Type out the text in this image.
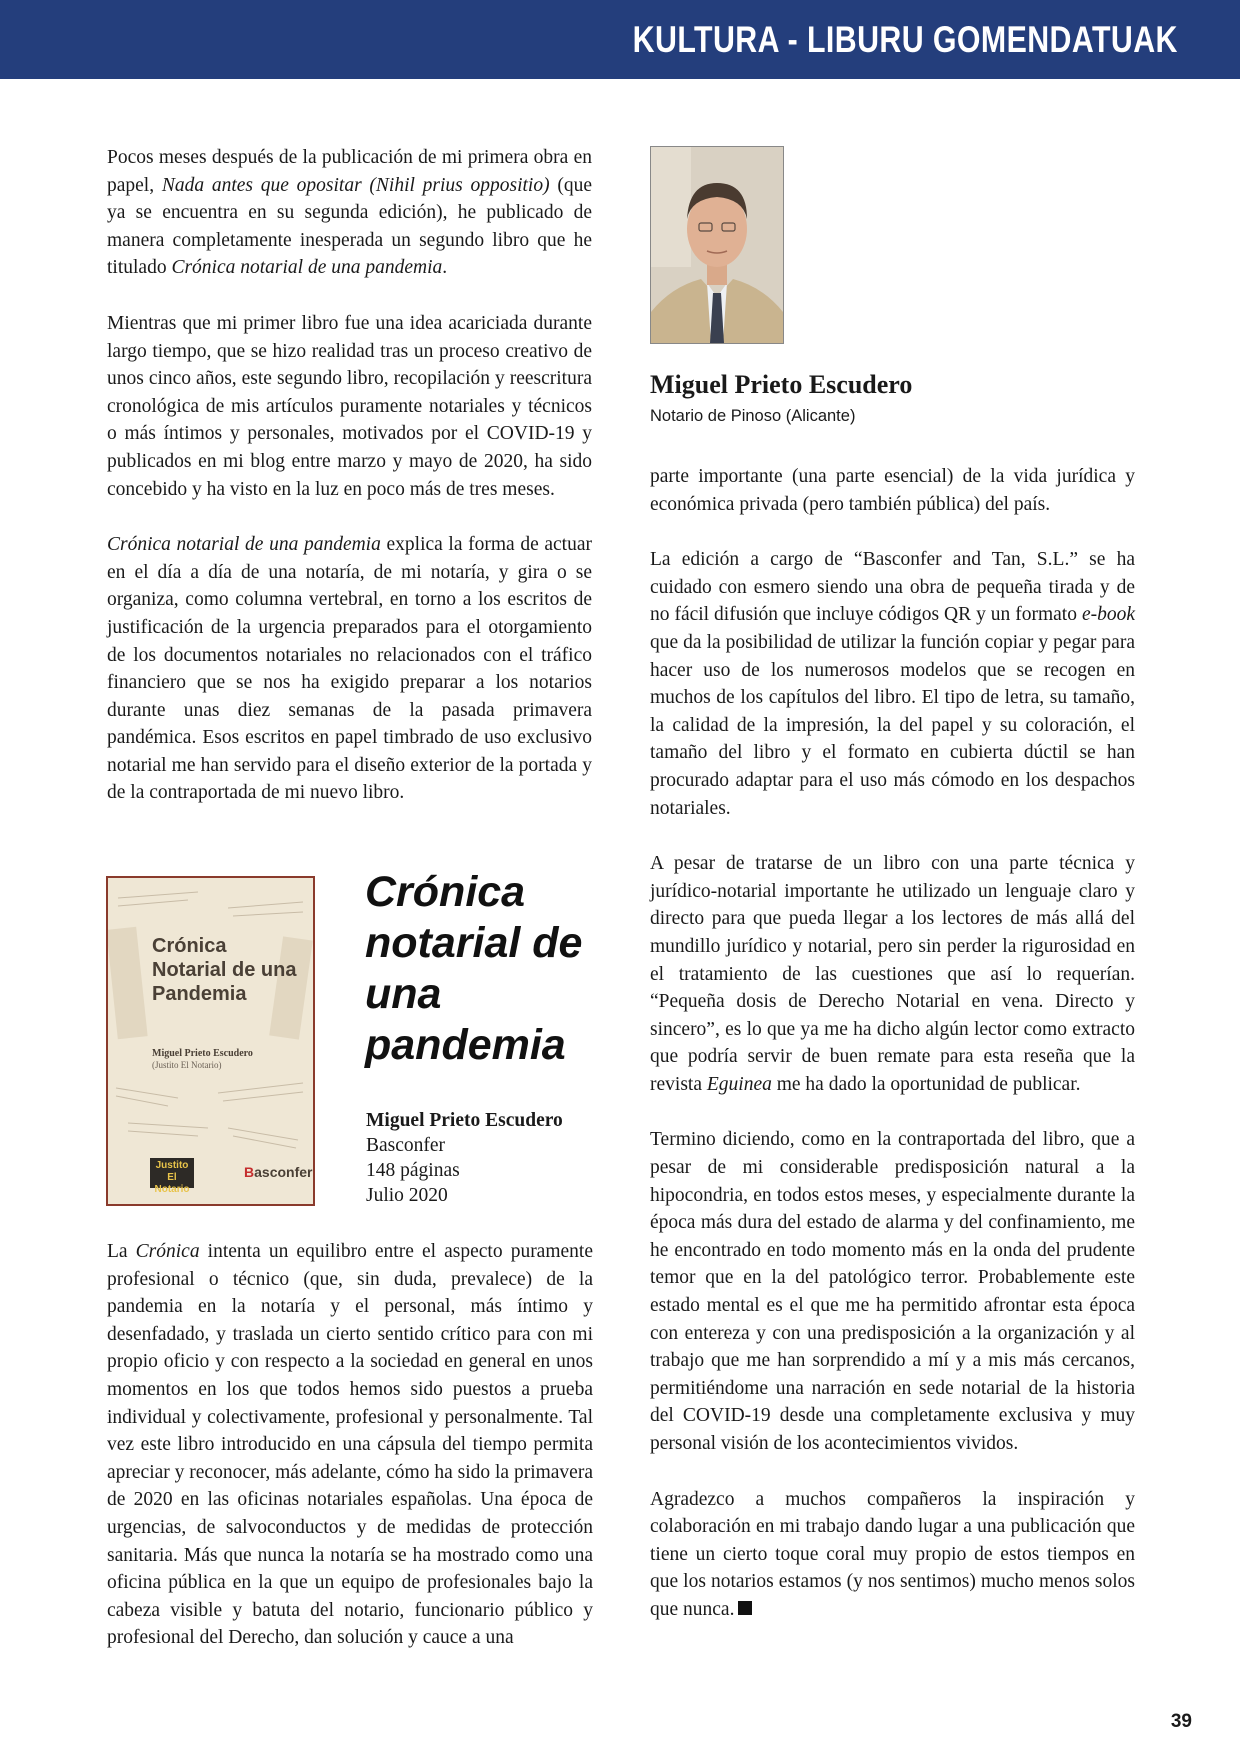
KULTURA - LIBURU GOMENDATUAK

Pocos meses después de la publicación de mi primera obra en papel, Nada antes que opositar (Nihil prius oppositio) (que ya se encuentra en su segunda edición), he publicado de manera completamente inesperada un segundo libro que he titulado Crónica notarial de una pandemia.

Mientras que mi primer libro fue una idea acariciada durante largo tiempo, que se hizo realidad tras un proceso creativo de unos cinco años, este segundo libro, recopilación y reescritura cronológica de mis artículos puramente notariales y técnicos o más íntimos y personales, motivados por el COVID-19 y publicados en mi blog entre marzo y mayo de 2020, ha sido concebido y ha visto en la luz en poco más de tres meses.

Crónica notarial de una pandemia explica la forma de actuar en el día a día de una notaría, de mi notaría, y gira o se organiza, como columna vertebral, en torno a los escritos de justificación de la urgencia preparados para el otorgamiento de los documentos notariales no relacionados con el tráfico financiero que se nos ha exigido preparar a los notarios durante unas diez semanas de la pasada primavera pandémica. Esos escritos en papel timbrado de uso exclusivo notarial me han servido para el diseño exterior de la portada y de la contraportada de mi nuevo libro.

Miguel Prieto Escudero
Notario de Pinoso (Alicante)
Crónica Notarial de una Pandemia
Miguel Prieto Escudero
(Justito El Notario)
Justito El Notario
Basconfer
Crónica notarial de una pandemia
Miguel Prieto Escudero
Basconfer
148 páginas
Julio 2020

La Crónica intenta un equilibro entre el aspecto puramente profesional o técnico (que, sin duda, prevalece) de la pandemia en la notaría y el personal, más íntimo y desenfadado, y traslada un cierto sentido crítico para con mi propio oficio y con respecto a la sociedad en general en unos momentos en los que todos hemos sido puestos a prueba individual y colectivamente, profesional y personalmente. Tal vez este libro introducido en una cápsula del tiempo permita apreciar y reconocer, más adelante, cómo ha sido la primavera de 2020 en las oficinas notariales españolas. Una época de urgencias, de salvoconductos y de medidas de protección sanitaria. Más que nunca la notaría se ha mostrado como una oficina pública en la que un equipo de profesionales bajo la cabeza visible y batuta del notario, funcionario público y profesional del Derecho, dan solución y cauce a una

parte importante (una parte esencial) de la vida jurídica y económica privada (pero también pública) del país.

La edición a cargo de “Basconfer and Tan, S.L.” se ha cuidado con esmero siendo una obra de pequeña tirada y de no fácil difusión que incluye códigos QR y un formato e-book que da la posibilidad de utilizar la función copiar y pegar para hacer uso de los numerosos modelos que se recogen en muchos de los capítulos del libro. El tipo de letra, su tamaño, la calidad de la impresión, la del papel y su coloración, el tamaño del libro y el formato en cubierta dúctil se han procurado adaptar para el uso más cómodo en los despachos notariales.

A pesar de tratarse de un libro con una parte técnica y jurídico-notarial importante he utilizado un lenguaje claro y directo para que pueda llegar a los lectores de más allá del mundillo jurídico y notarial, pero sin perder la rigurosidad en el tratamiento de las cuestiones que así lo requerían. “Pequeña dosis de Derecho Notarial en vena. Directo y sincero”, es lo que ya me ha dicho algún lector como extracto que podría servir de buen remate para esta reseña que la revista Eguinea me ha dado la oportunidad de publicar.

Termino diciendo, como en la contraportada del libro, que a pesar de mi considerable predisposición natural a la hipocondria, en todos estos meses, y especialmente durante la época más dura del estado de alarma y del confinamiento, me he encontrado en todo momento más en la onda del prudente temor que en la del patológico terror. Probablemente este estado mental es el que me ha permitido afrontar esta época con entereza y con una predisposición a la organización y al trabajo que me han sorprendido a mí y a mis más cercanos, permitiéndome una narración en sede notarial de la historia del COVID-19 desde una completamente exclusiva y muy personal visión de los acontecimientos vividos.

Agradezco a muchos compañeros la inspiración y colaboración en mi trabajo dando lugar a una publicación que tiene un cierto toque coral muy propio de estos tiempos en que los notarios estamos (y nos sentimos) mucho menos solos que nunca.

39
